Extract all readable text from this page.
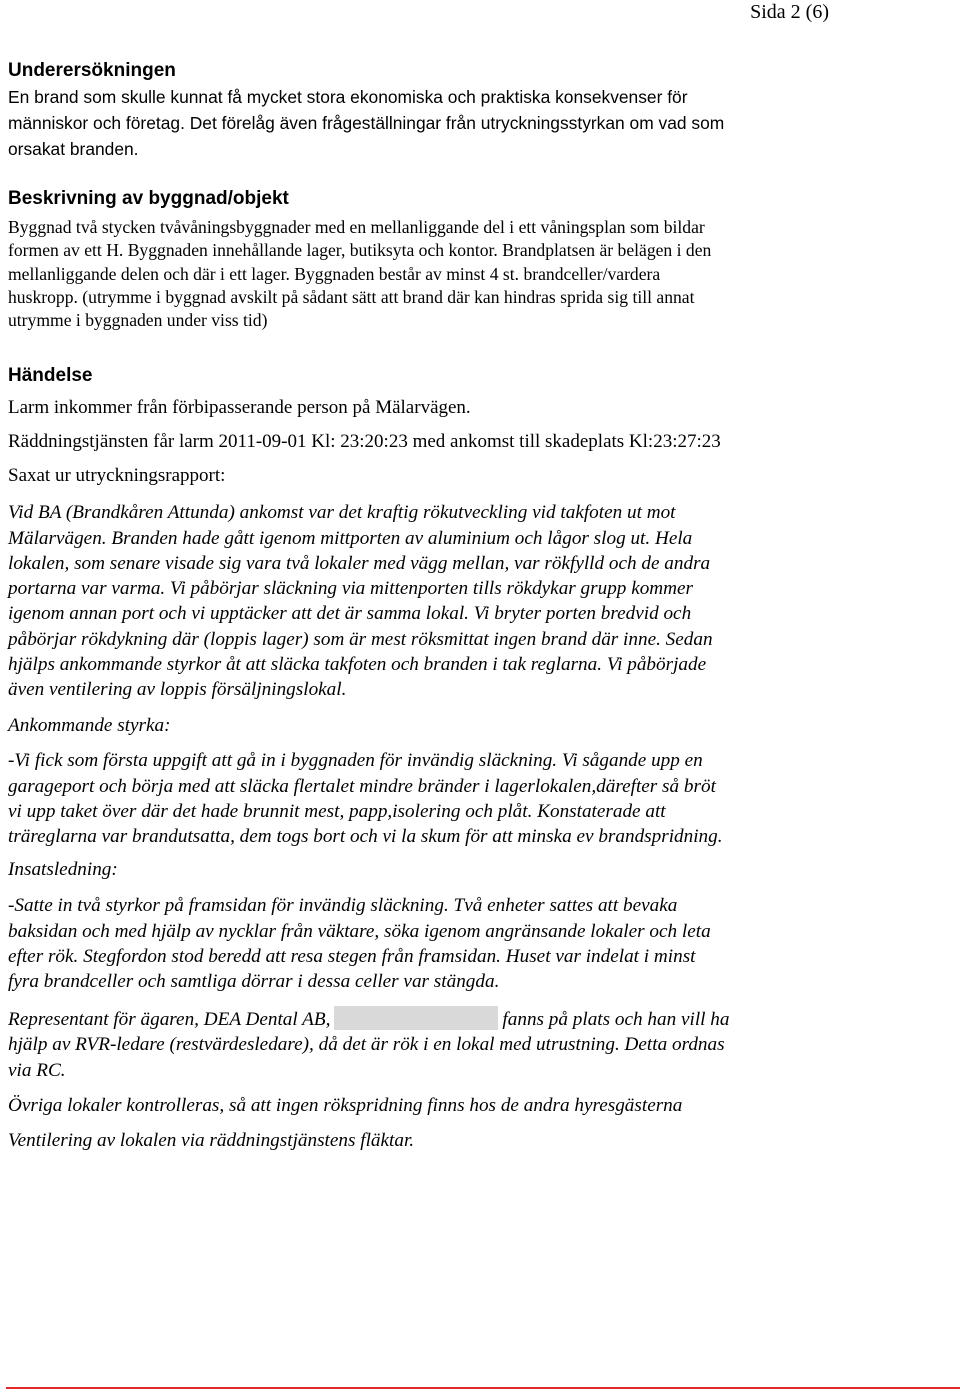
Sida 2 (6)
Underersökningen

En brand som skulle kunnat få mycket stora ekonomiska och praktiska konsekvenser för

människor och företag. Det förelåg även frågeställningar från utryckningsstyrkan om vad som

orsakat branden.

Beskrivning av byggnad/objekt

Byggnad två stycken tvåvåningsbyggnader med en mellanliggande del i ett våningsplan som bildar

formen av ett H. Byggnaden innehållande lager, butiksyta och kontor. Brandplatsen är belägen i den

mellanliggande delen och där i ett lager. Byggnaden består av minst 4 st. brandceller/vardera

huskropp. (utrymme i byggnad avskilt på sådant sätt att brand där kan hindras sprida sig till annat

utrymme i byggnaden under viss tid)

Händelse

Larm inkommer från förbipasserande person på Mälarvägen.

Räddningstjänsten får larm 2011-09-01 Kl: 23:20:23 med ankomst till skadeplats Kl:23:27:23

Saxat ur utryckningsrapport:

Vid BA (Brandkåren Attunda) ankomst var det kraftig rökutveckling vid takfoten ut mot

Mälarvägen. Branden hade gått igenom mittporten av aluminium och lågor slog ut. Hela

lokalen, som senare visade sig vara två lokaler med vägg mellan, var rökfylld och de andra

portarna var varma. Vi påbörjar släckning via mittenporten tills rökdykar grupp kommer

igenom annan port och vi upptäcker att det är samma lokal. Vi bryter porten bredvid och

påbörjar rökdykning där (loppis lager) som är mest röksmittat ingen brand där inne. Sedan

hjälps ankommande styrkor åt att släcka takfoten och branden i tak reglarna. Vi påbörjade

även ventilering av loppis försäljningslokal.

Ankommande styrka:

-Vi fick som första uppgift att gå in i byggnaden för invändig släckning. Vi sågande upp en

garageport och börja med att släcka flertalet mindre bränder i lagerlokalen,därefter så bröt

vi upp taket över där det hade brunnit mest, papp,isolering och plåt. Konstaterade att

träreglarna var brandutsatta, dem togs bort och vi la skum för att minska ev brandspridning.

Insatsledning:

-Satte in två styrkor på framsidan för invändig släckning. Två enheter sattes att bevaka

baksidan och med hjälp av nycklar från väktare, söka igenom angränsande lokaler och leta

efter rök. Stegfordon stod beredd att resa stegen från framsidan. Huset var indelat i minst

fyra brandceller och samtliga dörrar i dessa celler var stängda.

Representant för ägaren, DEA Dental AB,	fanns på plats och han vill ha

hjälp av RVR-ledare (restvärdesledare), då det är rök i en lokal med utrustning. Detta ordnas

via RC.

Övriga lokaler kontrolleras, så att ingen rökspridning finns hos de andra hyresgästerna

Ventilering av lokalen via räddningstjänstens fläktar.
